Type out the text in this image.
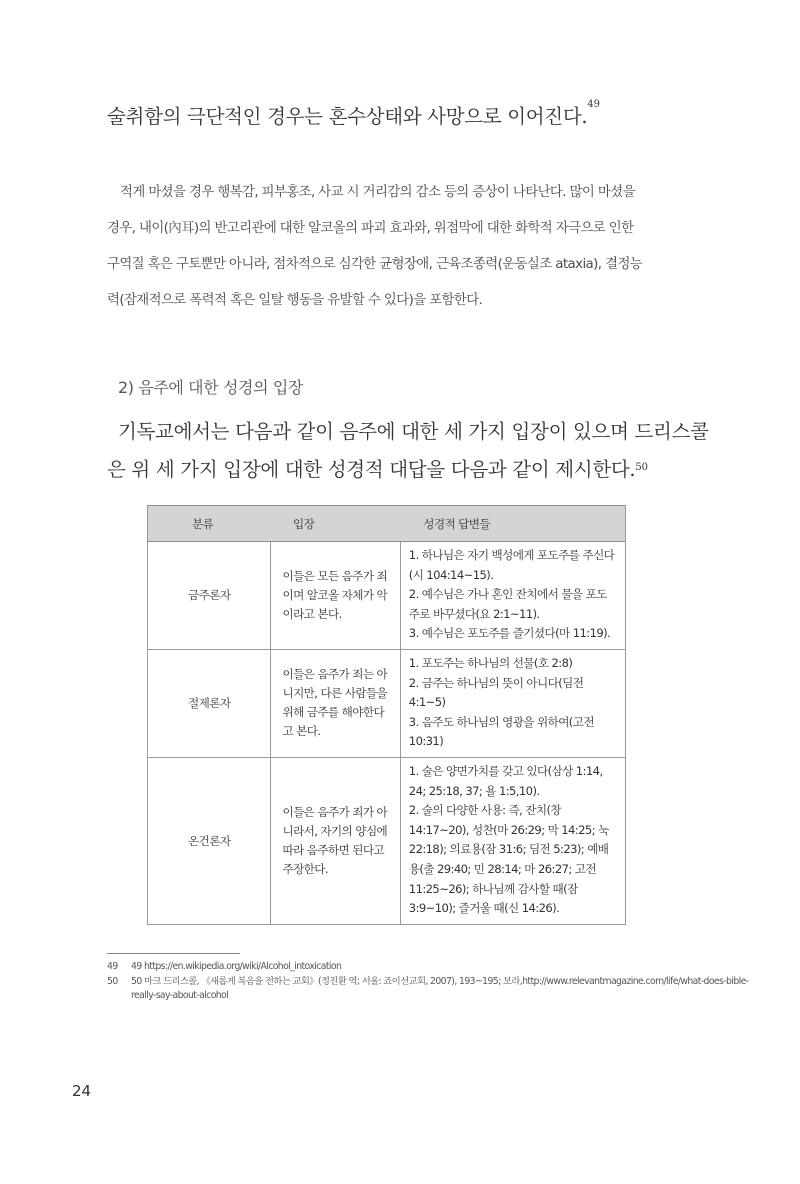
술취함의 극단적인 경우는 혼수상태와 사망으로 이어진다.$^{49}$

적게 마셨을 경우 행복감, 피부홍조, 사교 시 거리감의 감소 등의 증상이 나타난다. 많이 마셨을
경우, 내이(內耳)의 반고리관에 대한 알코올의 파괴 효과와, 위점막에 대한 화학적 자극으로 인한
구역질 혹은 구토뿐만 아니라, 점차적으로 심각한 균형장애, 근육조종력(운동실조 ataxia), 결정능
력(잠재적으로 폭력적 혹은 일탈 행동을 유발할 수 있다)을 포함한다.

2) 음주에 대한 성경의 입장

기독교에서는 다음과 같이 음주에 대한 세 가지 입장이 있으며 드리스콜
은 위 세 가지 입장에 대한 성경적 대답을 다음과 같이 제시한다.$^{50}$

분류	입장	성경적 답변들
금주론자	이들은 모든 음주가 죄이며 알코올 자체가 악이라고 본다.	1. 하나님은 자기 백성에게 포도주를 주신다(시 104:14~15).
2. 예수님은 가나 혼인 잔치에서 물을 포도주로 바꾸셨다(요 2:1~11).
3. 예수님은 포도주를 즐기셨다(마 11:19).

절제론자	이들은 음주가 죄는 아니지만, 다른 사람들을 위해 금주를 해야한다고 본다.	1. 포도주는 하나님의 선물(호 2:8)
2. 금주는 하나님의 뜻이 아니다(딤전 4:1~5)
3. 음주도 하나님의 영광을 위하여(고전 10:31)

온건론자	이들은 음주가 죄가 아니라서, 자기의 양심에 따라 음주하면 된다고 주장한다.	1. 술은 양면가치를 갖고 있다(삼상 1:14, 24; 25:18, 37; 욜 1:5,10).
2. 술의 다양한 사용: 즉, 잔치(창 14:17~20), 성찬(마 26:29; 막 14:25; 눅 22:18); 의료용(잠 31:6; 딤전 5:23); 예배용(출 29:40; 민 28:14; 마 26:27; 고전 11:25~26); 하나님께 감사할 때(잠 3:9~10); 즐거울 때(신 14:26).
49 49 https://en.wikipedia.org/wiki/Alcohol_intoxication
50 50 마크 드리스콜, 《새롭게 복음을 전하는 교회》(정진환 역; 서울: 죠이선교회, 2007), 193~195; 보라,http://www.relevantmagazine.com/life/what-does-bible-
really-say-about-alcohol
24
